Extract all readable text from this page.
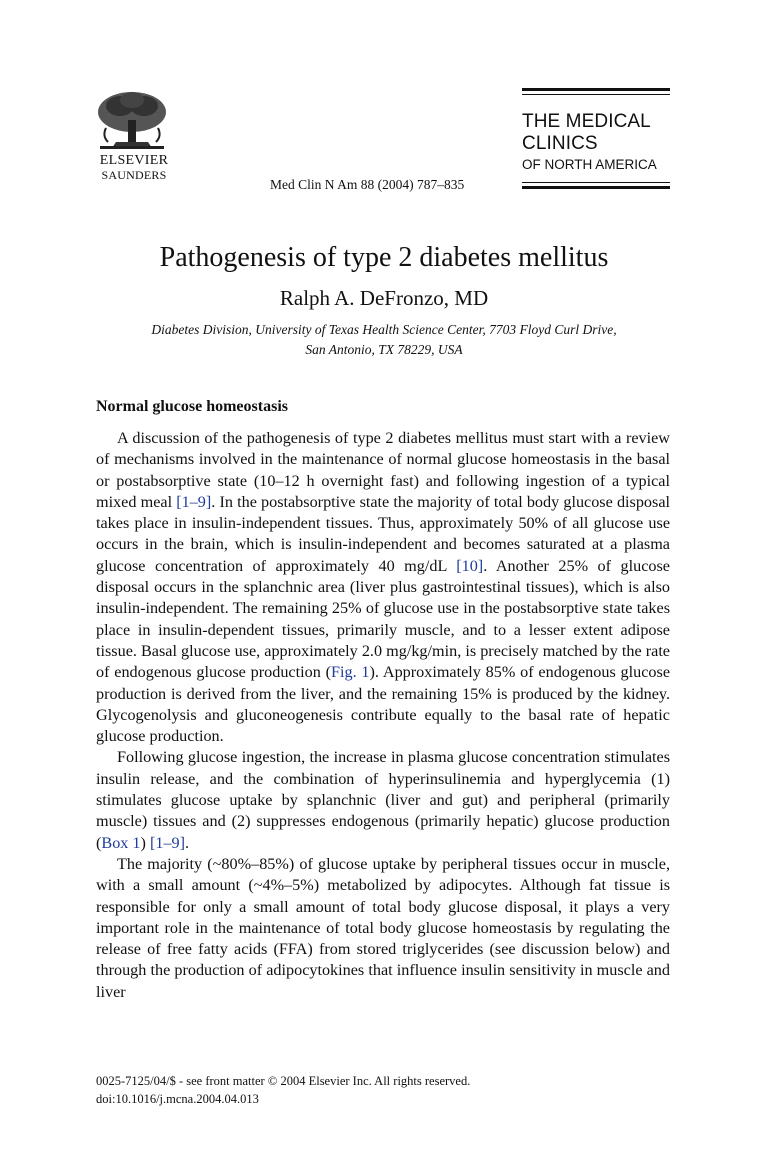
ELSEVIER
SAUNDERS
Med Clin N Am 88 (2004) 787–835
THE MEDICAL
CLINICS
OF NORTH AMERICA
Pathogenesis of type 2 diabetes mellitus
Ralph A. DeFronzo, MD
Diabetes Division, University of Texas Health Science Center, 7703 Floyd Curl Drive,
San Antonio, TX 78229, USA
Normal glucose homeostasis

A discussion of the pathogenesis of type 2 diabetes mellitus must start with a review of mechanisms involved in the maintenance of normal glucose homeostasis in the basal or postabsorptive state (10–12 h overnight fast) and following ingestion of a typical mixed meal [1–9]. In the postabsorptive state the majority of total body glucose disposal takes place in insulin-independent tissues. Thus, approximately 50% of all glucose use occurs in the brain, which is insulin-independent and becomes saturated at a plasma glucose concentration of approximately 40 mg/dL [10]. Another 25% of glucose disposal occurs in the splanchnic area (liver plus gastrointestinal tissues), which is also insulin-independent. The remaining 25% of glucose use in the postabsorptive state takes place in insulin-dependent tissues, primarily muscle, and to a lesser extent adipose tissue. Basal glucose use, approximately 2.0 mg/kg/min, is precisely matched by the rate of endogenous glucose production (Fig. 1). Approximately 85% of endogenous glucose production is derived from the liver, and the remaining 15% is produced by the kidney. Glycogenolysis and gluconeogenesis contribute equally to the basal rate of hepatic glucose production.

Following glucose ingestion, the increase in plasma glucose concentration stimulates insulin release, and the combination of hyperinsulinemia and hyperglycemia (1) stimulates glucose uptake by splanchnic (liver and gut) and peripheral (primarily muscle) tissues and (2) suppresses endogenous (primarily hepatic) glucose production (Box 1) [1–9].

The majority (~80%–85%) of glucose uptake by peripheral tissues occur in muscle, with a small amount (~4%–5%) metabolized by adipocytes. Although fat tissue is responsible for only a small amount of total body glucose disposal, it plays a very important role in the maintenance of total body glucose homeostasis by regulating the release of free fatty acids (FFA) from stored triglycerides (see discussion below) and through the production of adipocytokines that influence insulin sensitivity in muscle and liver

0025-7125/04/$ - see front matter © 2004 Elsevier Inc. All rights reserved.
doi:10.1016/j.mcna.2004.04.013
